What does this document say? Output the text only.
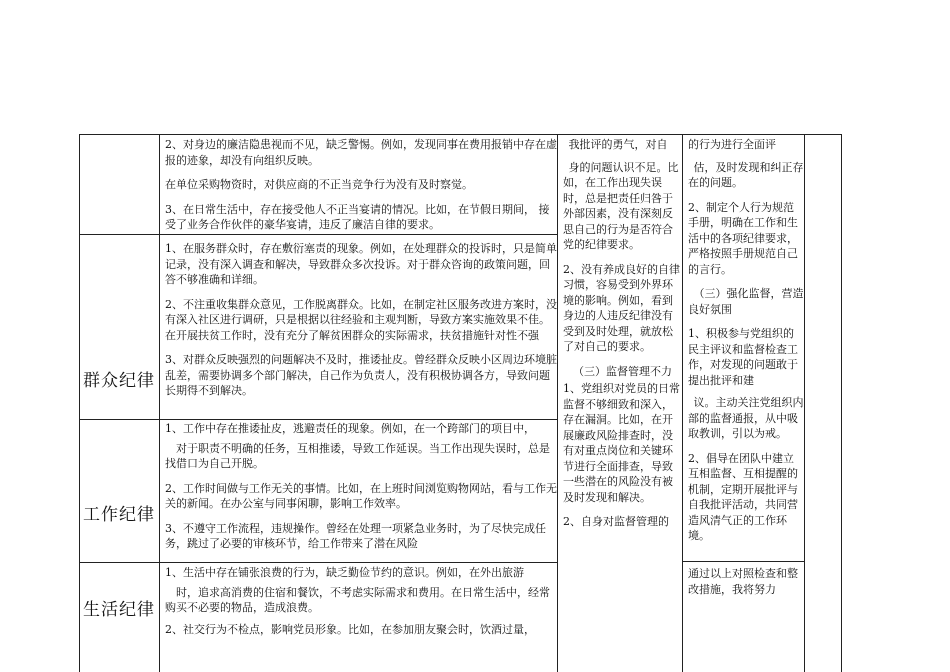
群众纪律
工作纪律
生活纪律

2、对身边的廉洁隐患视而不见，缺乏警惕。例如，发现同事在费用报销中存在虚报的迹象，却没有向组织反映。

在单位采购物资时，对供应商的不正当竞争行为没有及时察觉。

3、在日常生活中，存在接受他人不正当宴请的情况。比如，在节假日期间， 接受了业务合作伙伴的豪华宴请，违反了廉洁自律的要求。

1、在服务群众时，存在敷衍塞责的现象。例如，在处理群众的投诉时，只是简单记录，没有深入调查和解决，导致群众多次投诉。对于群众咨询的政策问题，回答不够准确和详细。

2、不注重收集群众意见，工作脱离群众。比如，在制定社区服务改进方案时，没有深入社区进行调研，只是根据以往经验和主观判断，导致方案实施效果不佳。在开展扶贫工作时，没有充分了解贫困群众的实际需求，扶贫措施针对性不强

3、对群众反映强烈的问题解决不及时，推诿扯皮。曾经群众反映小区周边环境脏乱差，需要协调多个部门解决，自己作为负责人，没有积极协调各方，导致问题长期得不到解决。

1、工作中存在推诿扯皮，逃避责任的现象。例如，在一个跨部门的项目中，

对于职责不明确的任务，互相推诿，导致工作延误。当工作出现失误时，总是找借口为自己开脱。

2、工作时间做与工作无关的事情。比如，在上班时间浏览购物网站，看与工作无关的新闻。在办公室与同事闲聊，影响工作效率。

3、不遵守工作流程，违规操作。曾经在处理一项紧急业务时，为了尽快完成任务，跳过了必要的审核环节，给工作带来了潜在风险

1、生活中存在铺张浪费的行为，缺乏勤俭节约的意识。例如，在外出旅游

时，追求高消费的住宿和餐饮，不考虑实际需求和费用。在日常生活中，经常购买不必要的物品，造成浪费。

2、社交行为不检点，影响党员形象。比如，在参加朋友聚会时，饮酒过量，

我批评的勇气，对自

身的问题认识不足。比如，在工作出现失误时，总是把责任归咎于外部因素，没有深刻反思自己的行为是否符合党的纪律要求。

2、没有养成良好的自律习惯，容易受到外界环境的影响。例如，看到身边的人违反纪律没有受到及时处理，就放松了对自己的要求。

（三）监督管理不力

1、党组织对党员的日常监督不够细致和深入，存在漏洞。比如，在开展廉政风险排查时，没有对重点岗位和关键环节进行全面排查，导致一些潜在的风险没有被及时发现和解决。

2、自身对监督管理的

的行为进行全面评

估，及时发现和纠正存在的问题。

2、制定个人行为规范手册，明确在工作和生活中的各项纪律要求，严格按照手册规范自己的言行。

（三）强化监督，营造良好氛围

1、积极参与党组织的民主评议和监督检查工作，对发现的问题敢于提出批评和建

议。主动关注党组织内部的监督通报，从中吸取教训，引以为戒。

2、倡导在团队中建立互相监督、互相提醒的机制，定期开展批评与自我批评活动，共同营造风清气正的工作环境。

通过以上对照检查和整改措施，我将努力
